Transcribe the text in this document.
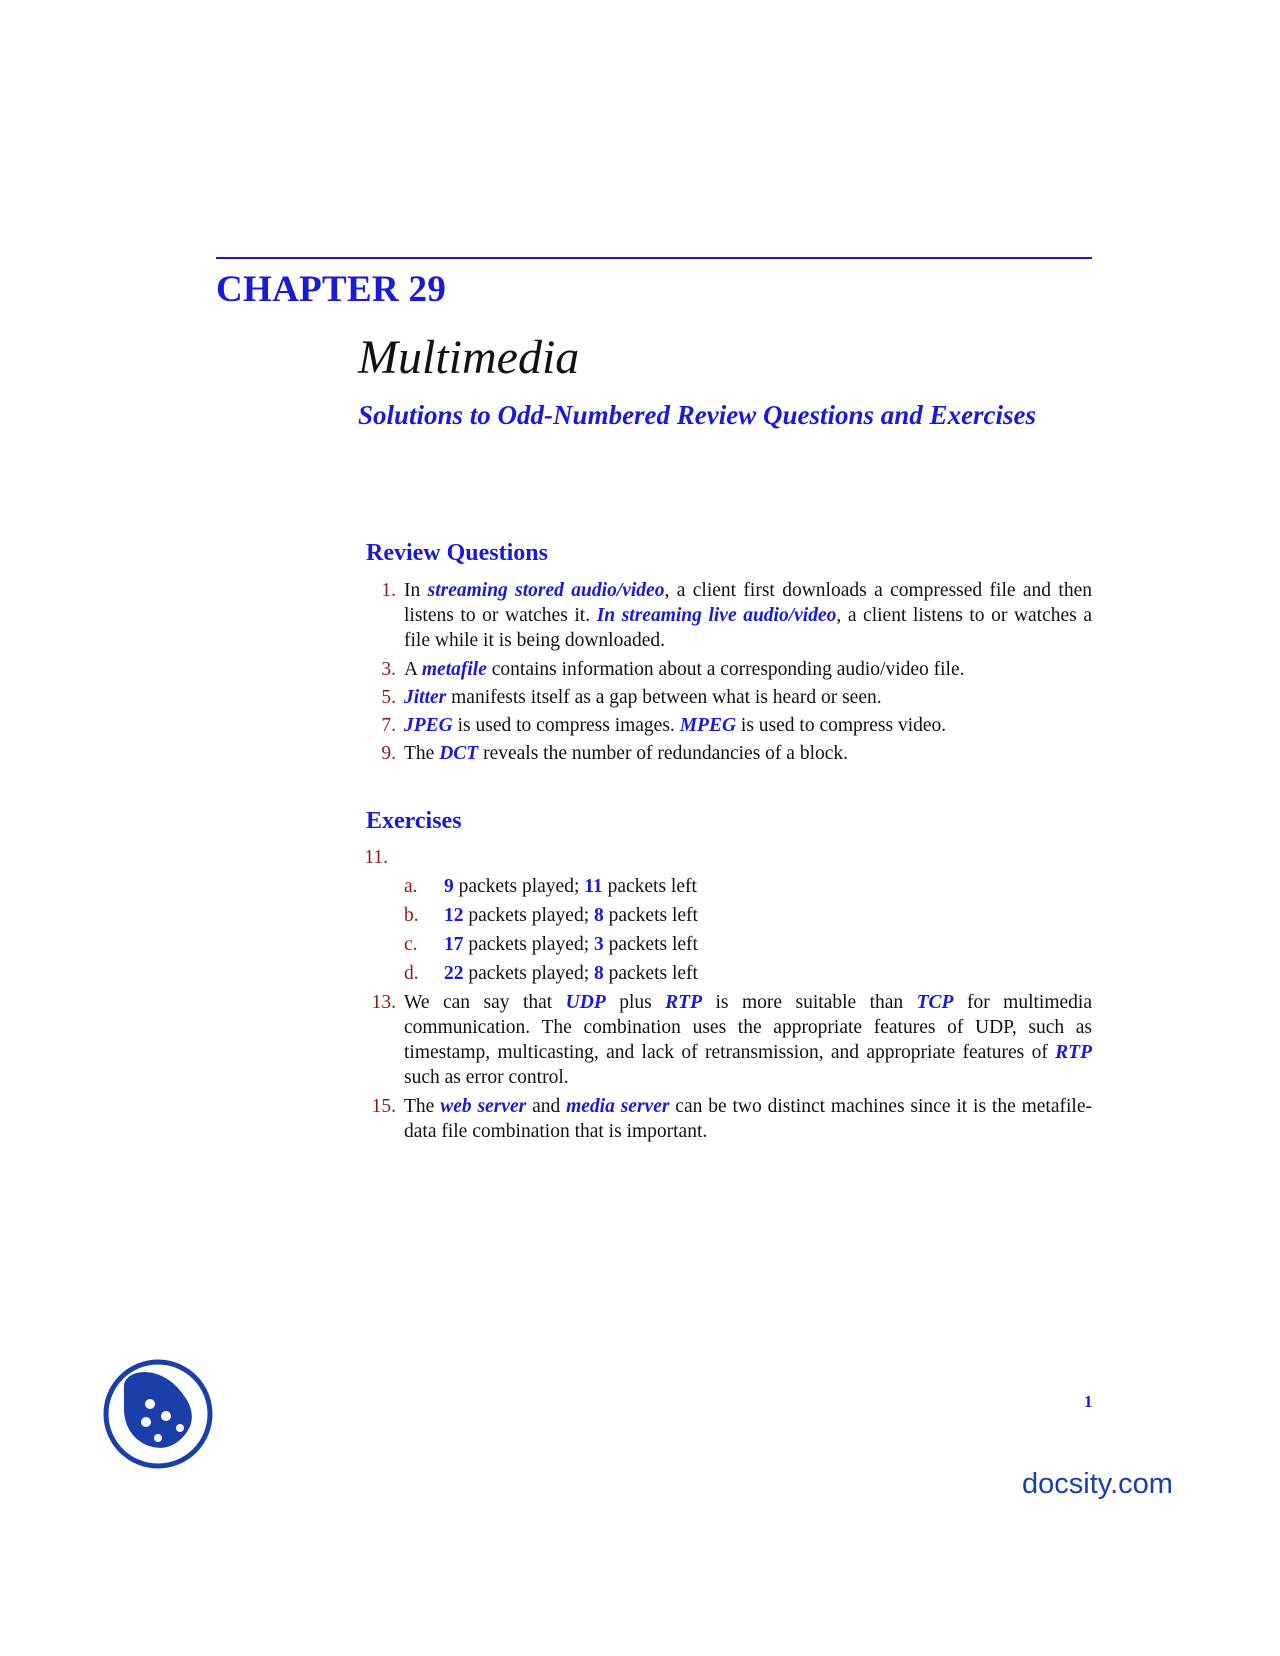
CHAPTER 29
Multimedia
Solutions to Odd-Numbered Review Questions and Exercises
Review Questions
1. In streaming stored audio/video, a client first downloads a compressed file and then listens to or watches it. In streaming live audio/video, a client listens to or watches a file while it is being downloaded.
3. A metafile contains information about a corresponding audio/video file.
5. Jitter manifests itself as a gap between what is heard or seen.
7. JPEG is used to compress images. MPEG is used to compress video.
9. The DCT reveals the number of redundancies of a block.
Exercises
11.
a.	9 packets played; 11 packets left
b.	12 packets played; 8 packets left
c.	17 packets played; 3 packets left
d.	22 packets played; 8 packets left
13. We can say that UDP plus RTP is more suitable than TCP for multimedia communication. The combination uses the appropriate features of UDP, such as timestamp, multicasting, and lack of retransmission, and appropriate features of RTP such as error control.
15. The web server and media server can be two distinct machines since it is the metafile-data file combination that is important.
1
docsity.com
